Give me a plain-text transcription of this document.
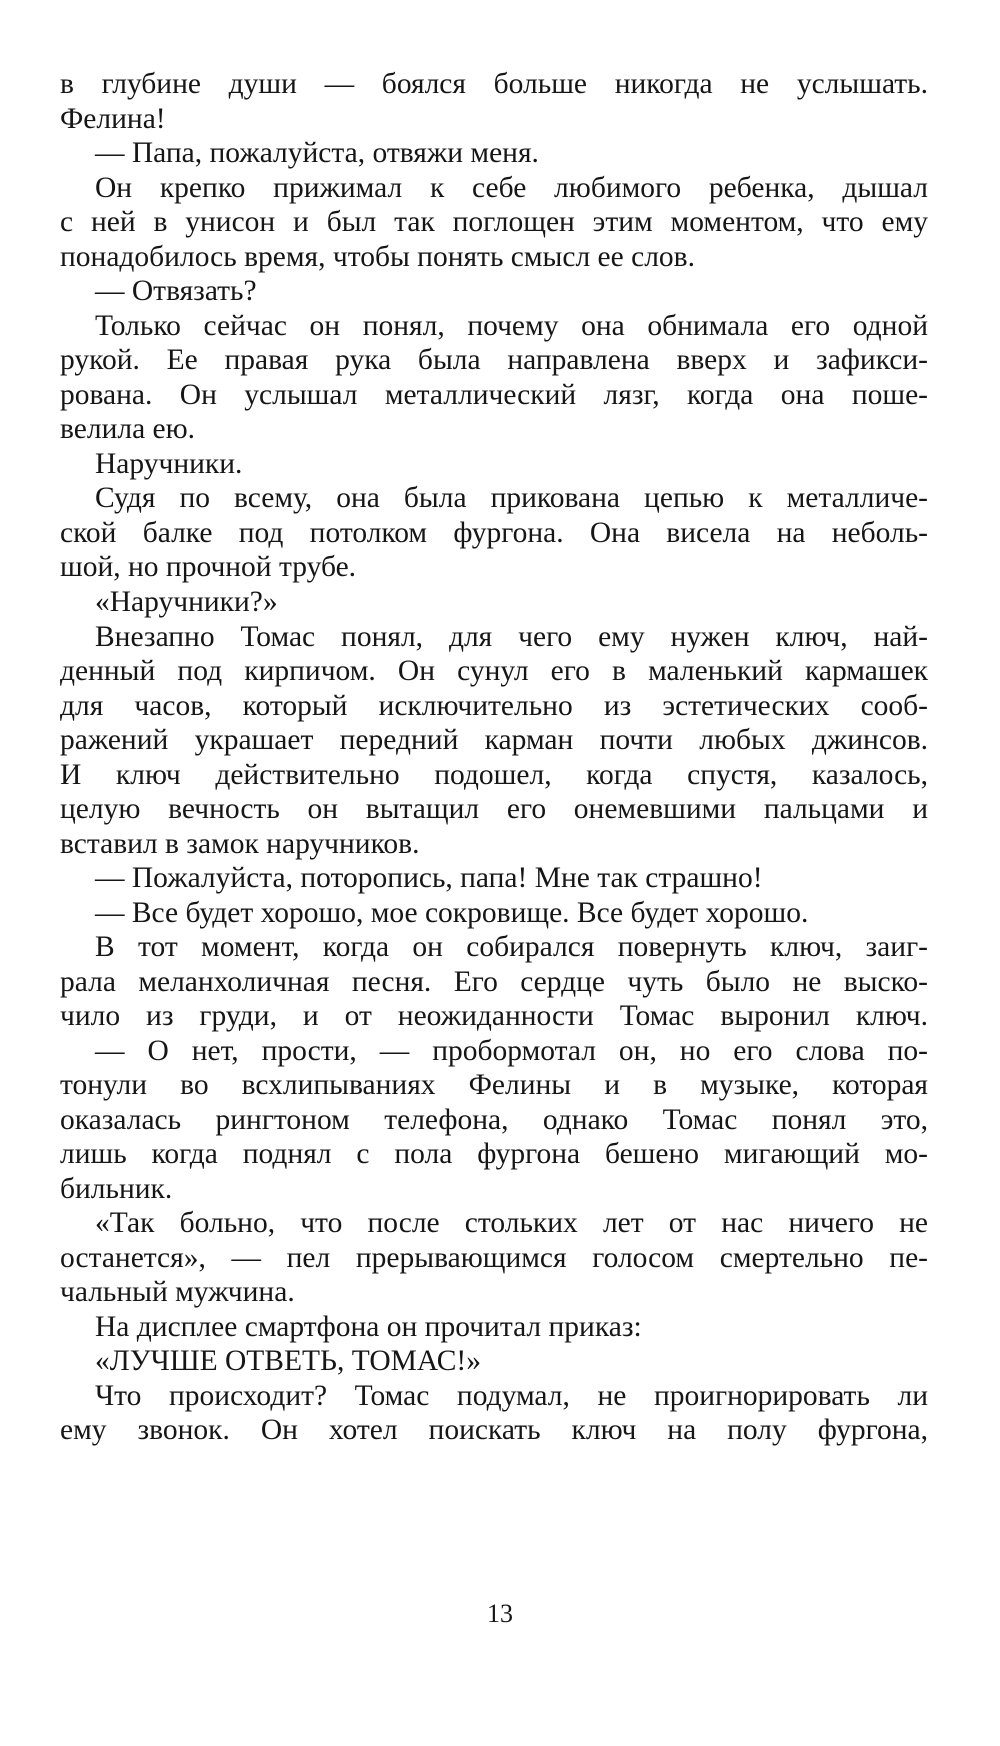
в глубине души — боялся больше никогда не услышать.
Фелина!
— Папа, пожалуйста, отвяжи меня.
Он крепко прижимал к себе любимого ребенка, дышал
с ней в унисон и был так поглощен этим моментом, что ему
понадобилось время, чтобы понять смысл ее слов.
— Отвязать?
Только сейчас он понял, почему она обнимала его одной
рукой. Ее правая рука была направлена вверх и зафикси-
рована. Он услышал металлический лязг, когда она поше-
велила ею.
Наручники.
Судя по всему, она была прикована цепью к металличе-
ской балке под потолком фургона. Она висела на неболь-
шой, но прочной трубе.
«Наручники?»
Внезапно Томас понял, для чего ему нужен ключ, най-
денный под кирпичом. Он сунул его в маленький кармашек
для часов, который исключительно из эстетических сооб-
ражений украшает передний карман почти любых джинсов.
И ключ действительно подошел, когда спустя, казалось,
целую вечность он вытащил его онемевшими пальцами и
вставил в замок наручников.
— Пожалуйста, поторопись, папа! Мне так страшно!
— Все будет хорошо, мое сокровище. Все будет хорошо.
В тот момент, когда он собирался повернуть ключ, заиг-
рала меланхоличная песня. Его сердце чуть было не выско-
чило из груди, и от неожиданности Томас выронил ключ.
— О нет, прости, — пробормотал он, но его слова по-
тонули во всхлипываниях Фелины и в музыке, которая
оказалась рингтоном телефона, однако Томас понял это,
лишь когда поднял с пола фургона бешено мигающий мо-
бильник.
«Так больно, что после стольких лет от нас ничего не
останется», — пел прерывающимся голосом смертельно пе-
чальный мужчина.
На дисплее смартфона он прочитал приказ:
«ЛУЧШЕ ОТВЕТЬ, ТОМАС!»
Что происходит? Томас подумал, не проигнорировать ли
ему звонок. Он хотел поискать ключ на полу фургона,
13
